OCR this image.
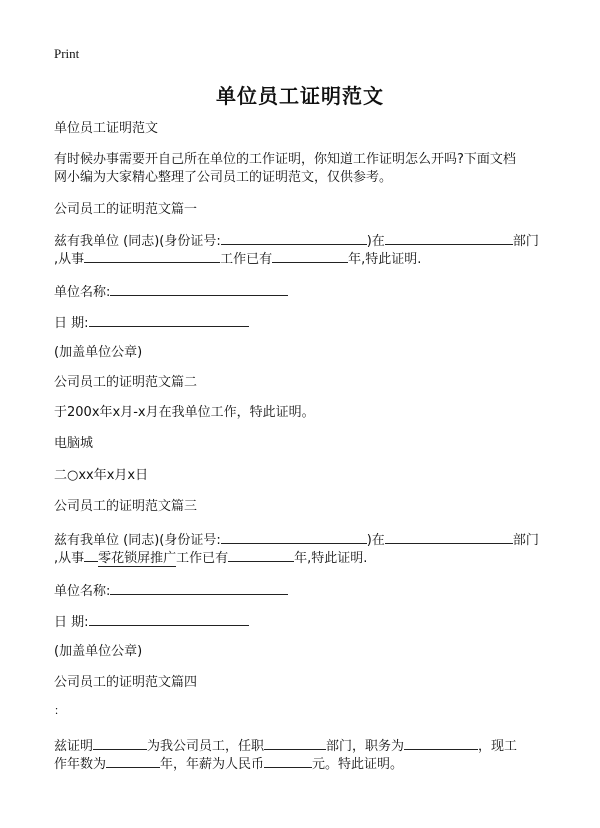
Print
单位员工证明范文
单位员工证明范文
有时候办事需要开自己所在单位的工作证明，你知道工作证明怎么开吗?下面文档
网小编为大家精心整理了公司员工的证明范文，仅供参考。
公司员工的证明范文篇一
兹有我单位 (同志)(身份证号:	)在	部门
,从事	工作已有	年,特此证明.
单位名称:
日 期:
(加盖单位公章)
公司员工的证明范文篇二
于200x年x月-x月在我单位工作，特此证明。
电脑城
二○xx年x月x日
公司员工的证明范文篇三
兹有我单位 (同志)(身份证号:	)在	部门
,从事 零花锁屏推广工作已有	年,特此证明.
单位名称:
日 期:
(加盖单位公章)
公司员工的证明范文篇四
：
兹证明	为我公司员工，任职	部门，职务为	，现工
作年数为	年，年薪为人民币	元。特此证明。
